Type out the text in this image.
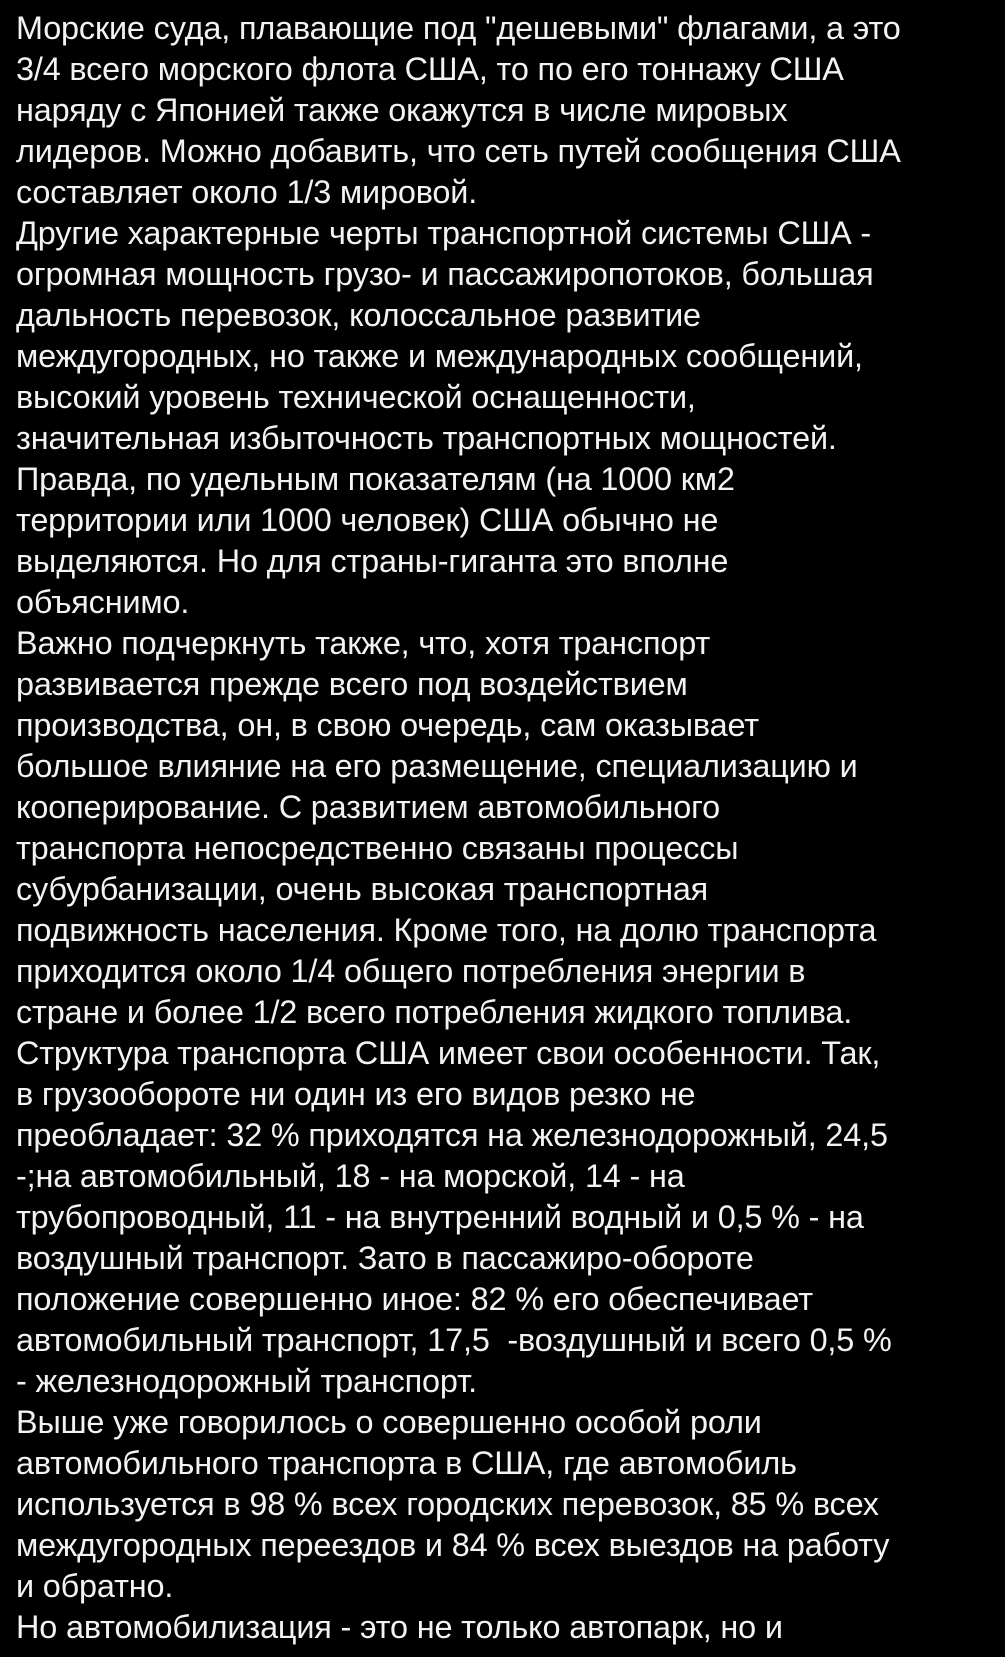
Морские суда, плавающие под "дешевыми" флагами, а это
3/4 всего морского флота США, то по его тоннажу США
наряду с Японией также окажутся в числе мировых
лидеров. Можно добавить, что сеть путей сообщения США
составляет около 1/3 мировой.
Другие характерные черты транспортной системы США -
огромная мощность грузо- и пассажиропотоков, большая
дальность перевозок, колоссальное развитие
междугородных, но также и международных сообщений,
высокий уровень технической оснащенности,
значительная избыточность транспортных мощностей.
Правда, по удельным показателям (на 1000 км2
территории или 1000 человек) США обычно не
выделяются. Но для страны-гиганта это вполне
объяснимо.
Важно подчеркнуть также, что, хотя транспорт
развивается прежде всего под воздействием
производства, он, в свою очередь, сам оказывает
большое влияние на его размещение, специализацию и
кооперирование. С развитием автомобильного
транспорта непосредственно связаны процессы
субурбанизации, очень высокая транспортная
подвижность населения. Кроме того, на долю транспорта
приходится около 1/4 общего потребления энергии в
стране и более 1/2 всего потребления жидкого топлива.
Структура транспорта США имеет свои особенности. Так,
в грузообороте ни один из его видов резко не
преобладает: 32 % приходятся на железнодорожный, 24,5
-;на автомобильный, 18 - на морской, 14 - на
трубопроводный, 11 - на внутренний водный и 0,5 % - на
воздушный транспорт. Зато в пассажиро-обороте
положение совершенно иное: 82 % его обеспечивает
автомобильный транспорт, 17,5  -воздушный и всего 0,5 %
- железнодорожный транспорт.
Выше уже говорилось о совершенно особой роли
автомобильного транспорта в США, где автомобиль
используется в 98 % всех городских перевозок, 85 % всех
междугородных переездов и 84 % всех выездов на работу
и обратно.
Но автомобилизация - это не только автопарк, но и
